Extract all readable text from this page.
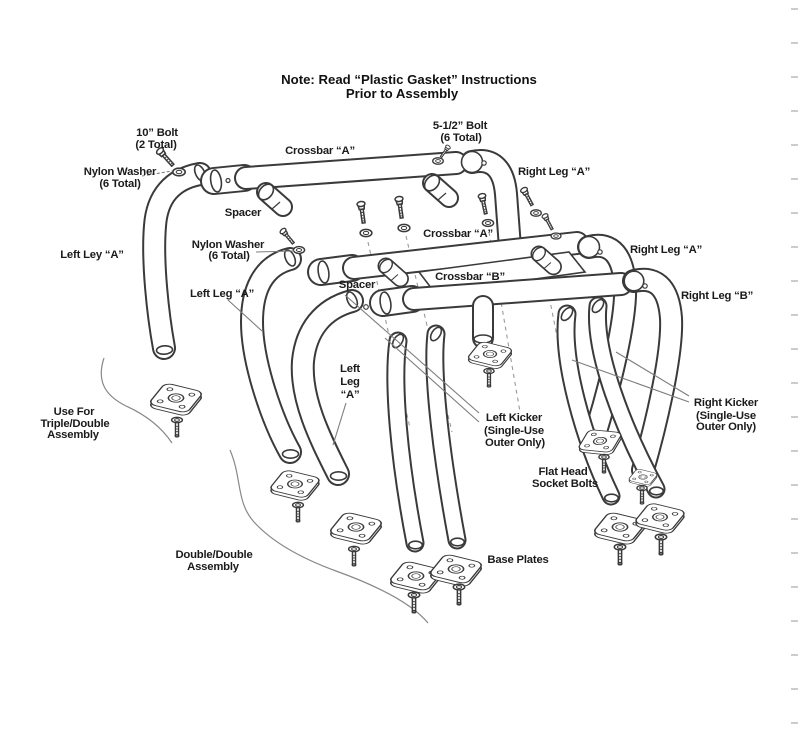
Note: Read “Plastic Gasket” Instructions
Prior to Assembly
10” Bolt
(2 Total)
Nylon Washer
(6 Total)
Crossbar “A”
5-1/2” Bolt
(6 Total)
Right Leg “A”
Spacer
Left Ley “A”
Nylon Washer
(6 Total)
Crossbar “A”
Right Leg “A”
Crossbar “B”
Left Leg “A”
Spacer
Right Leg “B”
Left
Leg
“A”
Use For
Triple/Double
Assembly
Left Kicker
(Single-Use
Outer Only)
Right Kicker
(Single-Use
Outer Only)
Flat Head
Socket Bolts
Double/Double
Assembly
Base Plates
